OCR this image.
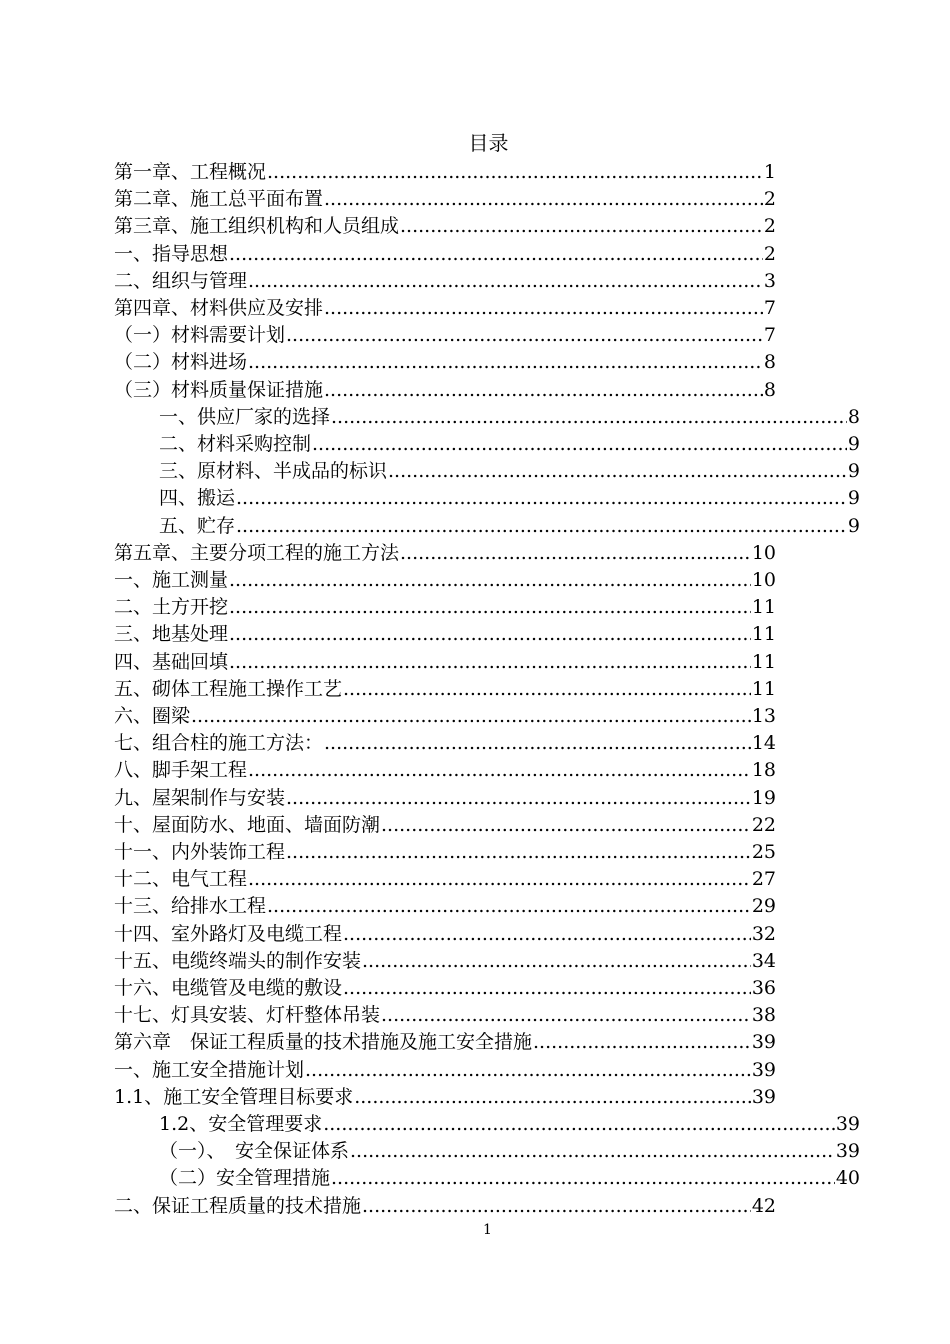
目录
第一章、工程概况 .....	1
第二章、施工总平面布置 .....	2
第三章、施工组织机构和人员组成 .....	2
一、指导思想 .....	2
二、组织与管理 .....	3
第四章、材料供应及安排 .....	7
（一）材料需要计划 .....	7
（二）材料进场 .....	8
（三）材料质量保证措施 .....	8
一、供应厂家的选择 .....	8
二、材料采购控制 .....	9
三、原材料、半成品的标识 .....	9
四、搬运 .....	9
五、贮存 .....	9
第五章、主要分项工程的施工方法 .....	10
一、施工测量 .....	10
二、土方开挖 .....	11
三、地基处理 .....	11
四、基础回填 .....	11
五、砌体工程施工操作工艺 .....	11
六、圈梁 .....	13
七、组合柱的施工方法： .....	14
八、脚手架工程 .....	18
九、屋架制作与安装 .....	19
十、屋面防水、地面、墙面防潮 .....	22
十一、内外装饰工程 .....	25
十二、电气工程 .....	27
十三、给排水工程 .....	29
十四、室外路灯及电缆工程 .....	32
十五、电缆终端头的制作安装 .....	34
十六、电缆管及电缆的敷设 .....	36
十七、灯具安装、灯杆整体吊装 .....	38
第六章　保证工程质量的技术措施及施工安全措施 .....	39
一、施工安全措施计划 .....	39
1.1、施工安全管理目标要求 .....	39
1.2、安全管理要求 .....	39
（一）、　安全保证体系 .....	39
（二）安全管理措施 .....	40
二、保证工程质量的技术措施 .....	42
1
